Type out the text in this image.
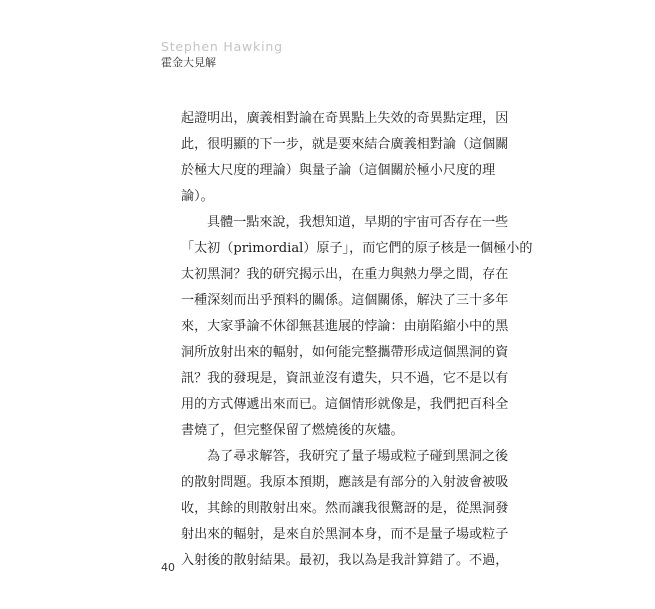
Stephen Hawking
霍金大見解
起證明出，廣義相對論在奇異點上失效的奇異點定理，因
此，很明顯的下一步，就是要來結合廣義相對論（這個關
於極大尺度的理論）與量子論（這個關於極小尺度的理
論）。
具體一點來說，我想知道，早期的宇宙可否存在一些
「太初（primordial）原子」，而它們的原子核是一個極小的
太初黑洞？我的研究揭示出，在重力與熱力學之間，存在
一種深刻而出乎預料的關係。這個關係，解決了三十多年
來，大家爭論不休卻無甚進展的悖論：由崩陷縮小中的黑
洞所放射出來的輻射，如何能完整攜帶形成這個黑洞的資
訊？我的發現是，資訊並沒有遺失，只不過，它不是以有
用的方式傳遞出來而已。這個情形就像是，我們把百科全
書燒了，但完整保留了燃燒後的灰燼。
為了尋求解答，我研究了量子場或粒子碰到黑洞之後
的散射問題。我原本預期，應該是有部分的入射波會被吸
收，其餘的則散射出來。然而讓我很驚訝的是，從黑洞發
射出來的輻射，是來自於黑洞本身，而不是量子場或粒子
入射後的散射結果。最初，我以為是我計算錯了。不過，
40
